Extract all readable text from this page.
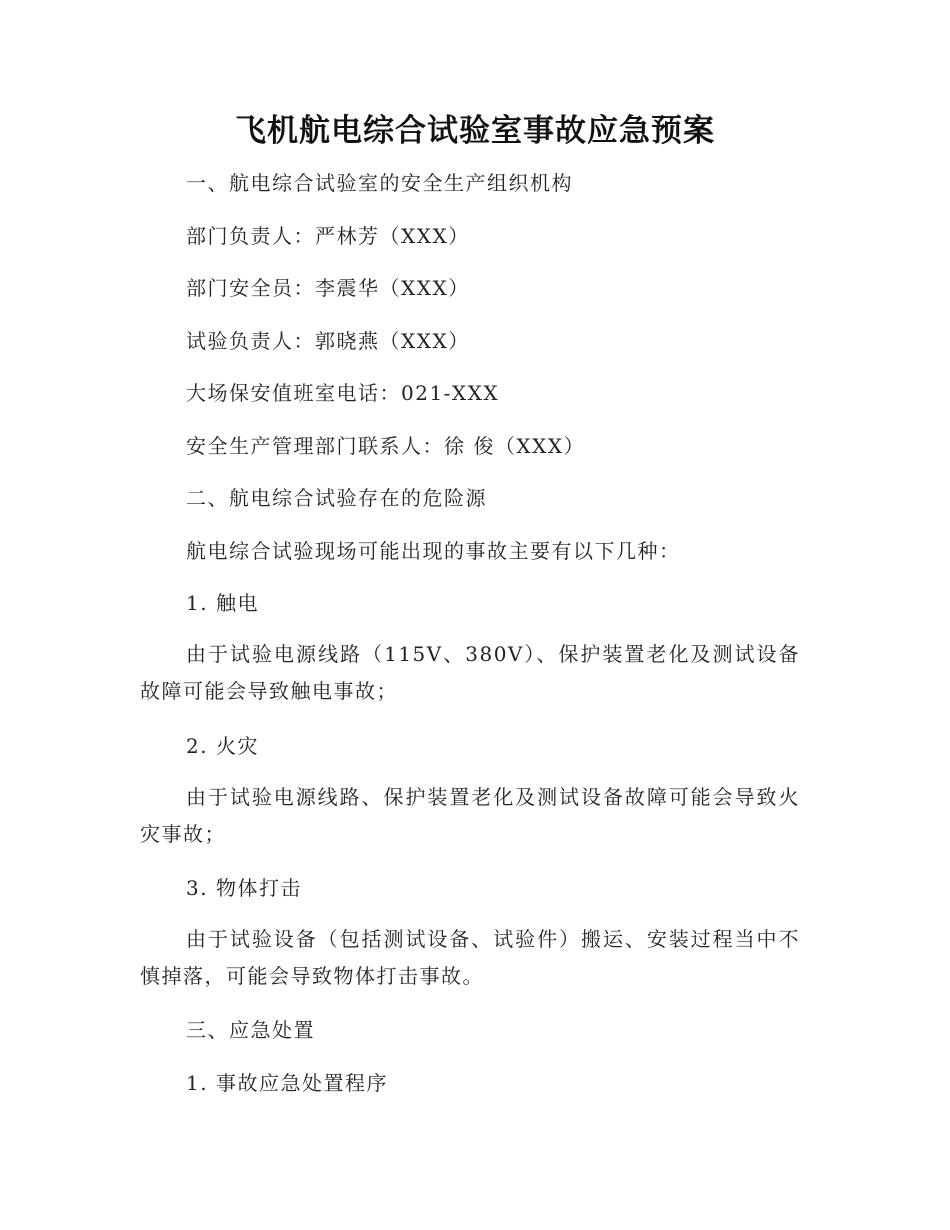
飞机航电综合试验室事故应急预案
一、航电综合试验室的安全生产组织机构
部门负责人：严林芳（XXX）
部门安全员：李震华（XXX）
试验负责人：郭晓燕（XXX）
大场保安值班室电话：021-XXX
安全生产管理部门联系人：徐 俊（XXX）
二、航电综合试验存在的危险源
航电综合试验现场可能出现的事故主要有以下几种：
1. 触电
由于试验电源线路（115V、380V）、保护装置老化及测试设备故障可能会导致触电事故；
2. 火灾
由于试验电源线路、保护装置老化及测试设备故障可能会导致火灾事故；
3. 物体打击
由于试验设备（包括测试设备、试验件）搬运、安装过程当中不慎掉落，可能会导致物体打击事故。
三、应急处置
1. 事故应急处置程序
